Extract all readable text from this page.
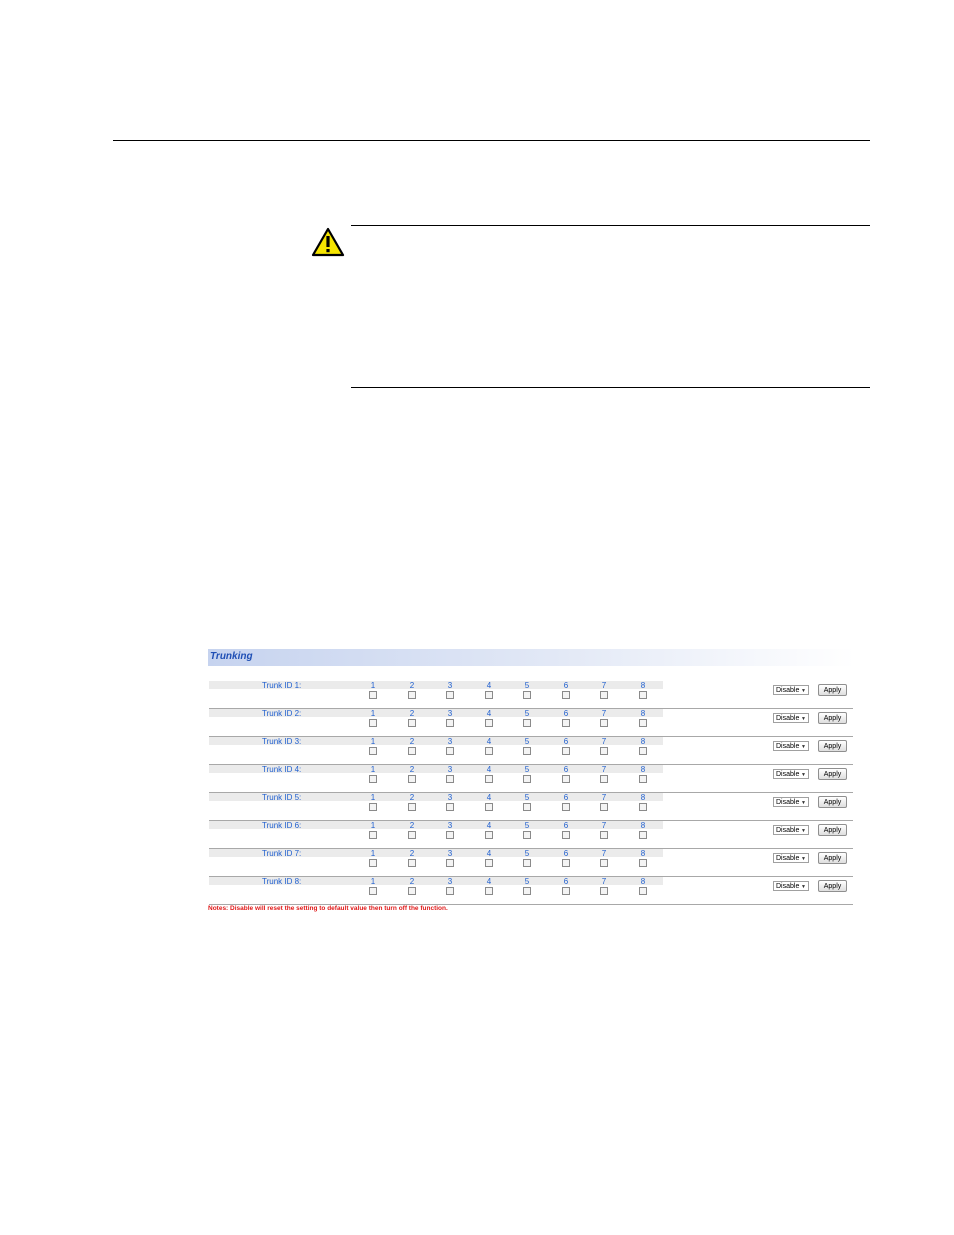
Trunking
Trunk ID 1:	1	2	3	4	5	6	7	8
Disable ▼	Apply
Trunk ID 2:	1	2	3	4	5	6	7	8
Disable ▼	Apply
Trunk ID 3:	1	2	3	4	5	6	7	8
Disable ▼	Apply
Trunk ID 4:	1	2	3	4	5	6	7	8
Disable ▼	Apply
Trunk ID 5:	1	2	3	4	5	6	7	8
Disable ▼	Apply
Trunk ID 6:	1	2	3	4	5	6	7	8
Disable ▼	Apply
Trunk ID 7:	1	2	3	4	5	6	7	8
Disable ▼	Apply
Trunk ID 8:	1	2	3	4	5	6	7	8
Disable ▼	Apply
Notes: Disable will reset the setting to default value then turn off the function.
